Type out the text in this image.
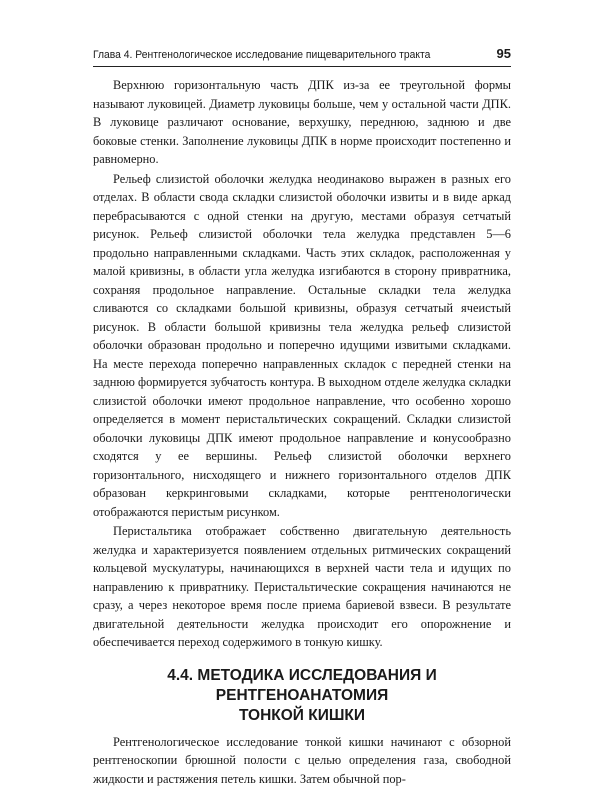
Глава 4. Рентгенологическое исследование пищеварительного тракта	95

Верхнюю горизонтальную часть ДПК из-за ее треугольной формы называют луковицей. Диаметр луковицы больше, чем у остальной части ДПК. В луковице различают основание, верхушку, переднюю, заднюю и две боковые стенки. Заполнение луковицы ДПК в норме происходит постепенно и равномерно.

Рельеф слизистой оболочки желудка неодинаково выражен в разных его отделах. В области свода складки слизистой оболочки извиты и в виде аркад перебрасываются с одной стенки на другую, местами образуя сетчатый рисунок. Рельеф слизистой оболочки тела желудка представлен 5—6 продольно направленными складками. Часть этих складок, расположенная у малой кривизны, в области угла желудка изгибаются в сторону привратника, сохраняя продольное направление. Остальные складки тела желудка сливаются со складками большой кривизны, образуя сетчатый ячеистый рисунок. В области большой кривизны тела желудка рельеф слизистой оболочки образован продольно и поперечно идущими извитыми складками. На месте перехода поперечно направленных складок с передней стенки на заднюю формируется зубчатость контура. В выходном отделе желудка складки слизистой оболочки имеют продольное направление, что особенно хорошо определяется в момент перистальтических сокращений. Складки слизистой оболочки луковицы ДПК имеют продольное направление и конусообразно сходятся у ее вершины. Рельеф слизистой оболочки верхнего горизонтального, нисходящего и нижнего горизонтального отделов ДПК образован керкринговыми складками, которые рентгенологически отображаются перистым рисунком.

Перистальтика отображает собственно двигательную деятельность желудка и характеризуется появлением отдельных ритмических сокращений кольцевой мускулатуры, начинающихся в верхней части тела и идущих по направлению к привратнику. Перистальтические сокращения начинаются не сразу, а через некоторое время после приема бариевой взвеси. В результате двигательной деятельности желудка происходит его опорожнение и обеспечивается переход содержимого в тонкую кишку.

4.4. МЕТОДИКА ИССЛЕДОВАНИЯ И РЕНТГЕНОАНАТОМИЯ
ТОНКОЙ КИШКИ

Рентгенологическое исследование тонкой кишки начинают с обзорной рентгеноскопии брюшной полости с целью определения газа, свободной жидкости и растяжения петель кишки. Затем обычной пор-
